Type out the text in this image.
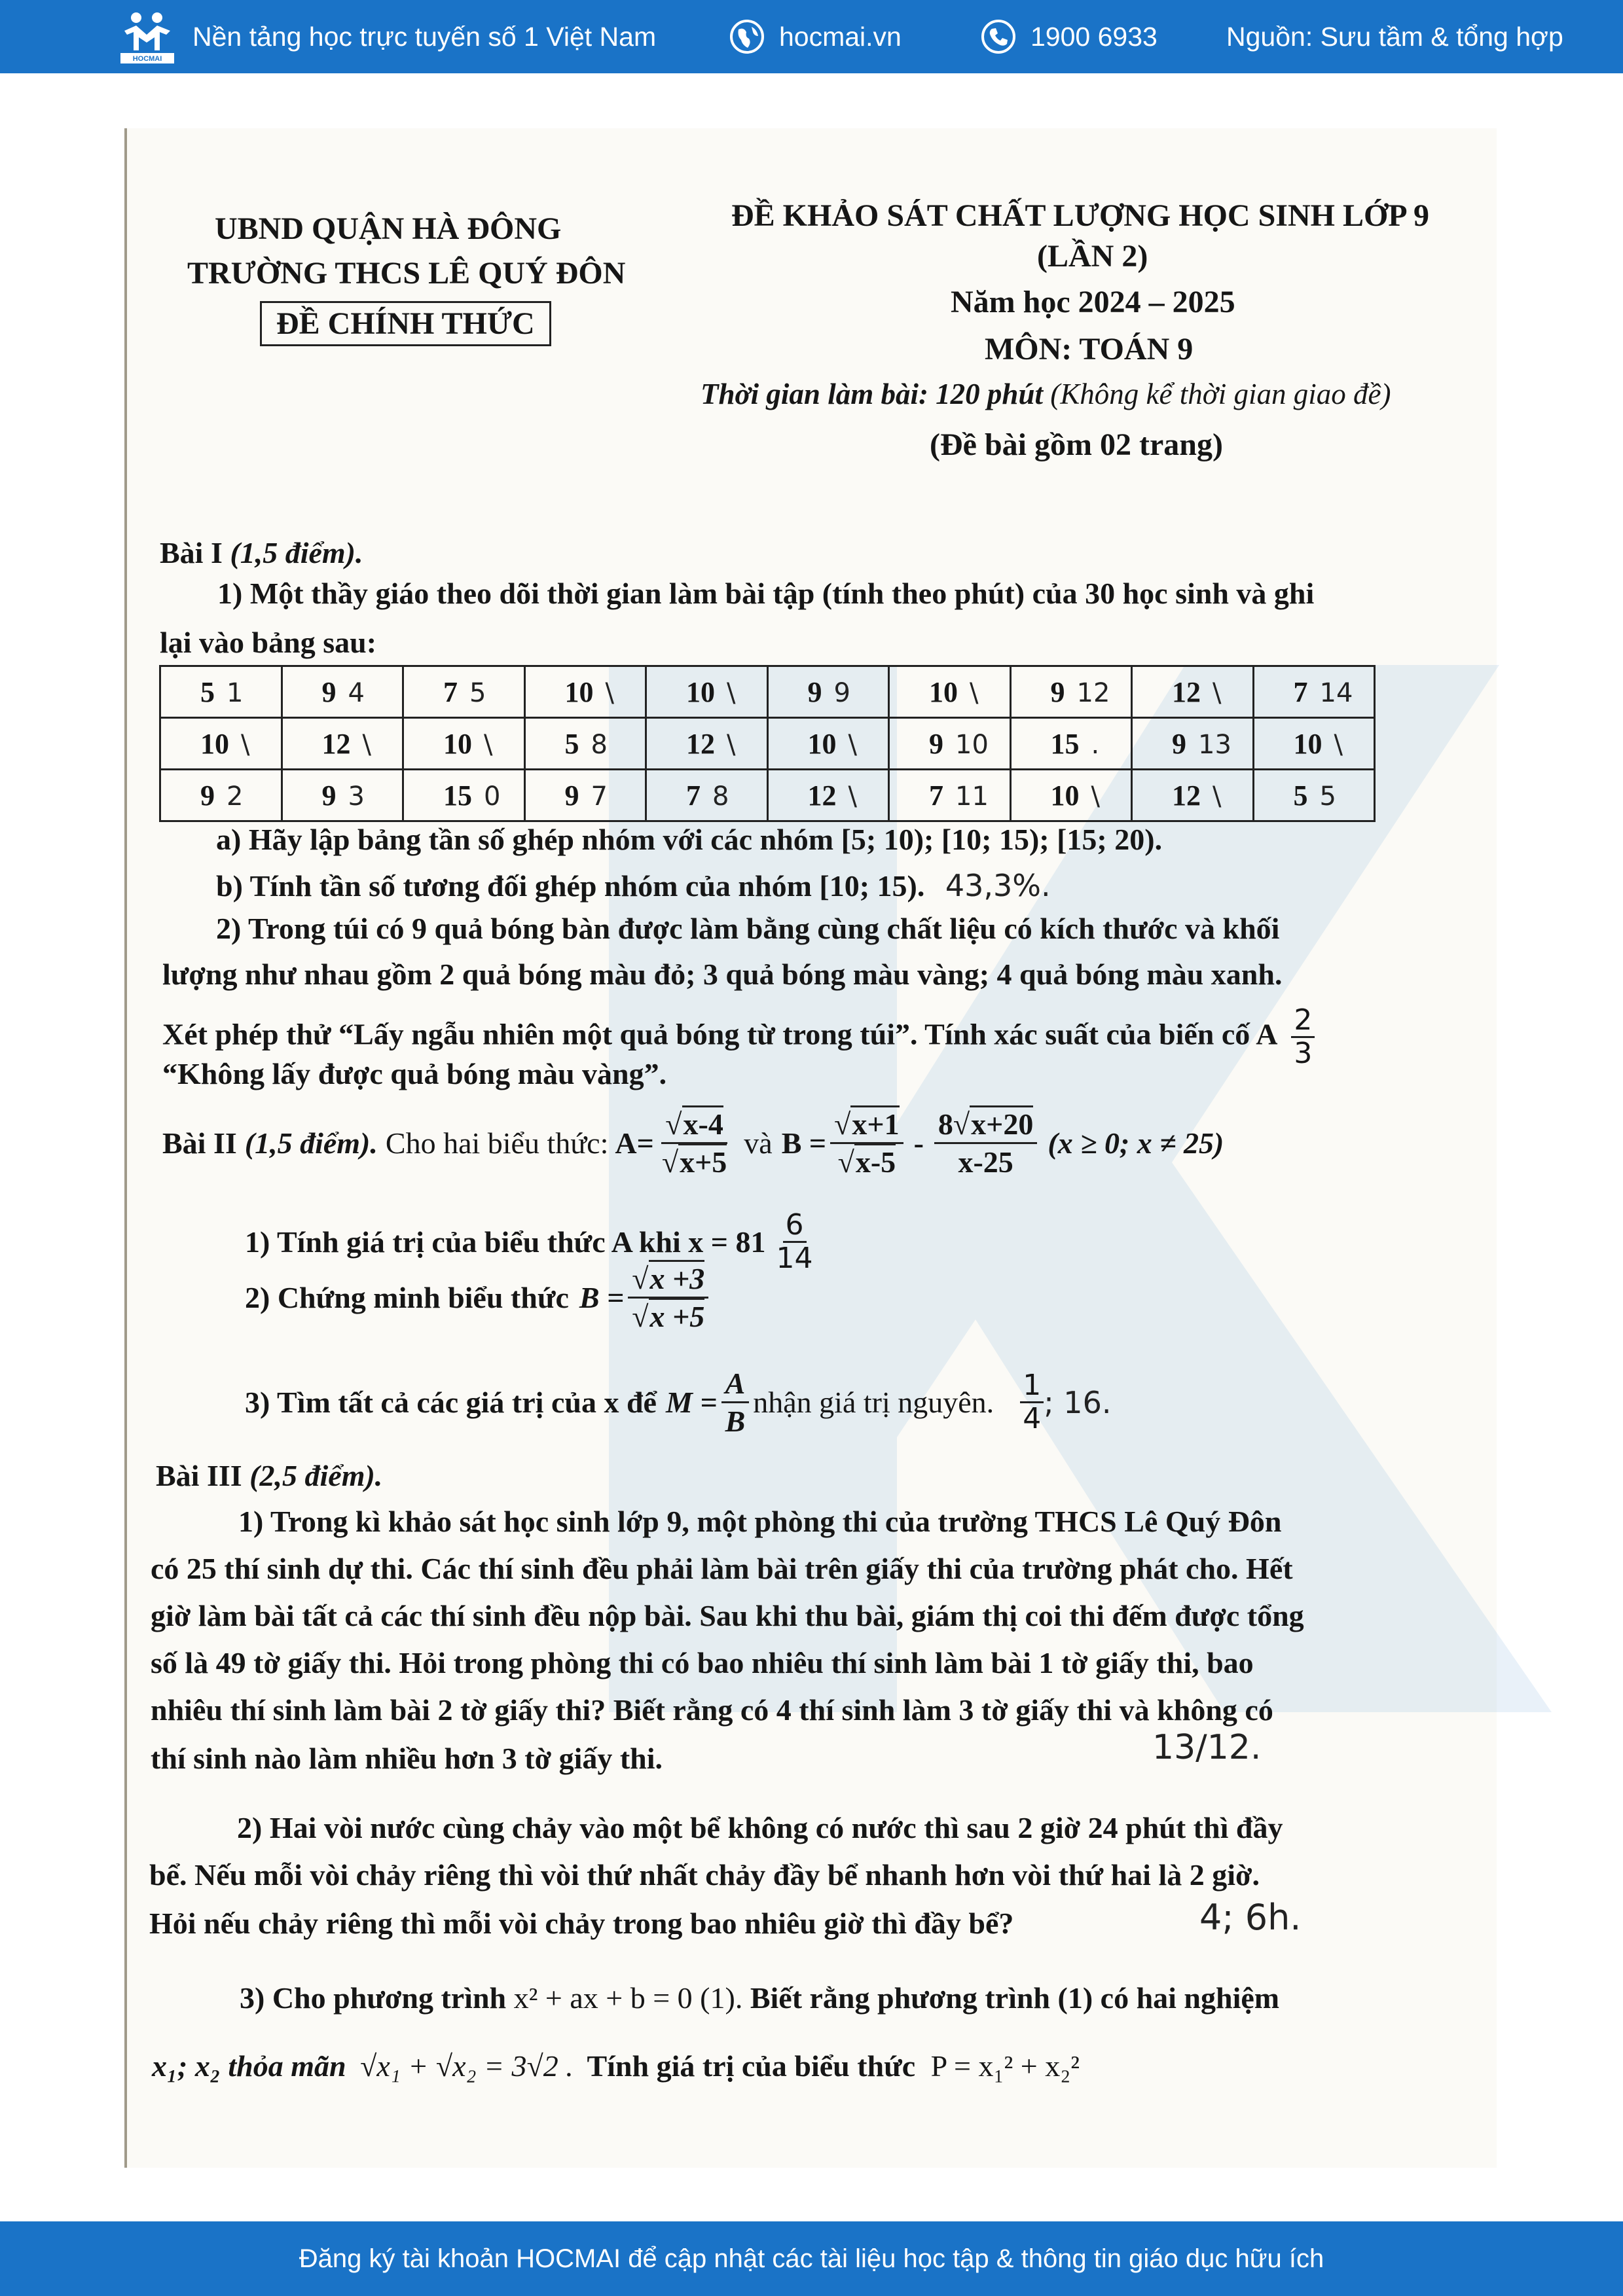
HOCMAI
Nền tảng học trực tuyến số 1 Việt Nam	hocmai.vn	1900 6933	Nguồn: Sưu tầm & tổng hợp
UBND QUẬN HÀ ĐÔNG
TRƯỜNG THCS LÊ QUÝ ĐÔN
ĐỀ CHÍNH THỨC
ĐỀ KHẢO SÁT CHẤT LƯỢNG HỌC SINH LỚP 9
(LẦN 2)
Năm học 2024 – 2025
MÔN: TOÁN 9
Thời gian làm bài: 120 phút (Không kể thời gian giao đề)
(Đề bài gồm 02 trang)
Bài I (1,5 điểm).
1) Một thầy giáo theo dõi thời gian làm bài tập (tính theo phút) của 30 học sinh và ghi
lại vào bảng sau:
5 1	9 4	7 5	10 \	10 \	9 9	10 \	9 12	12 \	7 14
10 \	12 \	10 \	5 8	12 \	10 \	9 10	15 .	9 13	10 \
9 2	9 3	15 0	9 7	7 8	12 \	7 11	10 \	12 \	5 5
a) Hãy lập bảng tần số ghép nhóm với các nhóm [5; 10); [10; 15); [15; 20).
b) Tính tần số tương đối ghép nhóm của nhóm [10; 15). 43,3%.
2) Trong túi có 9 quả bóng bàn được làm bằng cùng chất liệu có kích thước và khối
lượng như nhau gồm 2 quả bóng màu đỏ; 3 quả bóng màu vàng; 4 quả bóng màu xanh.
Xét phép thử “Lấy ngẫu nhiên một quả bóng từ trong túi”. Tính xác suất của biến cố A $\frac{2}{3}$
“Không lấy được quả bóng màu vàng”.
Bài II (1,5 điểm). Cho hai biểu thức: $A= \frac{√x-4}{√x+5}$ và $B = \frac{√x+1}{√x-5} - \frac{8√x+20}{x-25} (x \ge 0$; x ≠ 25)
1) Tính giá trị của biểu thức A khi x = 81
6
14
2) Chứng minh biểu thức $B = \frac{√x +3}{√x +5}$
3) Tìm tất cả các giá trị của x để $M = \frac{A}{B}$ nhận giá trị nguyên.
1
4 ; 16.
Bài III (2,5 điểm).
1) Trong kì khảo sát học sinh lớp 9, một phòng thi của trường THCS Lê Quý Đôn
có 25 thí sinh dự thi. Các thí sinh đều phải làm bài trên giấy thi của trường phát cho. Hết
giờ làm bài tất cả các thí sinh đều nộp bài. Sau khi thu bài, giám thị coi thi đếm được tổng
số là 49 tờ giấy thi. Hỏi trong phòng thi có bao nhiêu thí sinh làm bài 1 tờ giấy thi, bao
nhiêu thí sinh làm bài 2 tờ giấy thi? Biết rằng có 4 thí sinh làm 3 tờ giấy thi và không có
thí sinh nào làm nhiều hơn 3 tờ giấy thi.	13/12.
2) Hai vòi nước cùng chảy vào một bể không có nước thì sau 2 giờ 24 phút thì đầy
bể. Nếu mỗi vòi chảy riêng thì vòi thứ nhất chảy đầy bể nhanh hơn vòi thứ hai là 2 giờ.
Hỏi nếu chảy riêng thì mỗi vòi chảy trong bao nhiêu giờ thì đầy bể?	4; 6h.
3) Cho phương trình x² + ax + b = 0 (1). Biết rằng phương trình (1) có hai nghiệm
x₁; x₂ thỏa mãn √x₁ + √x₂ = 3√2 . Tính giá trị của biểu thức P = x₁² + x₂²
Đăng ký tài khoản HOCMAI để cập nhật các tài liệu học tập & thông tin giáo dục hữu ích
